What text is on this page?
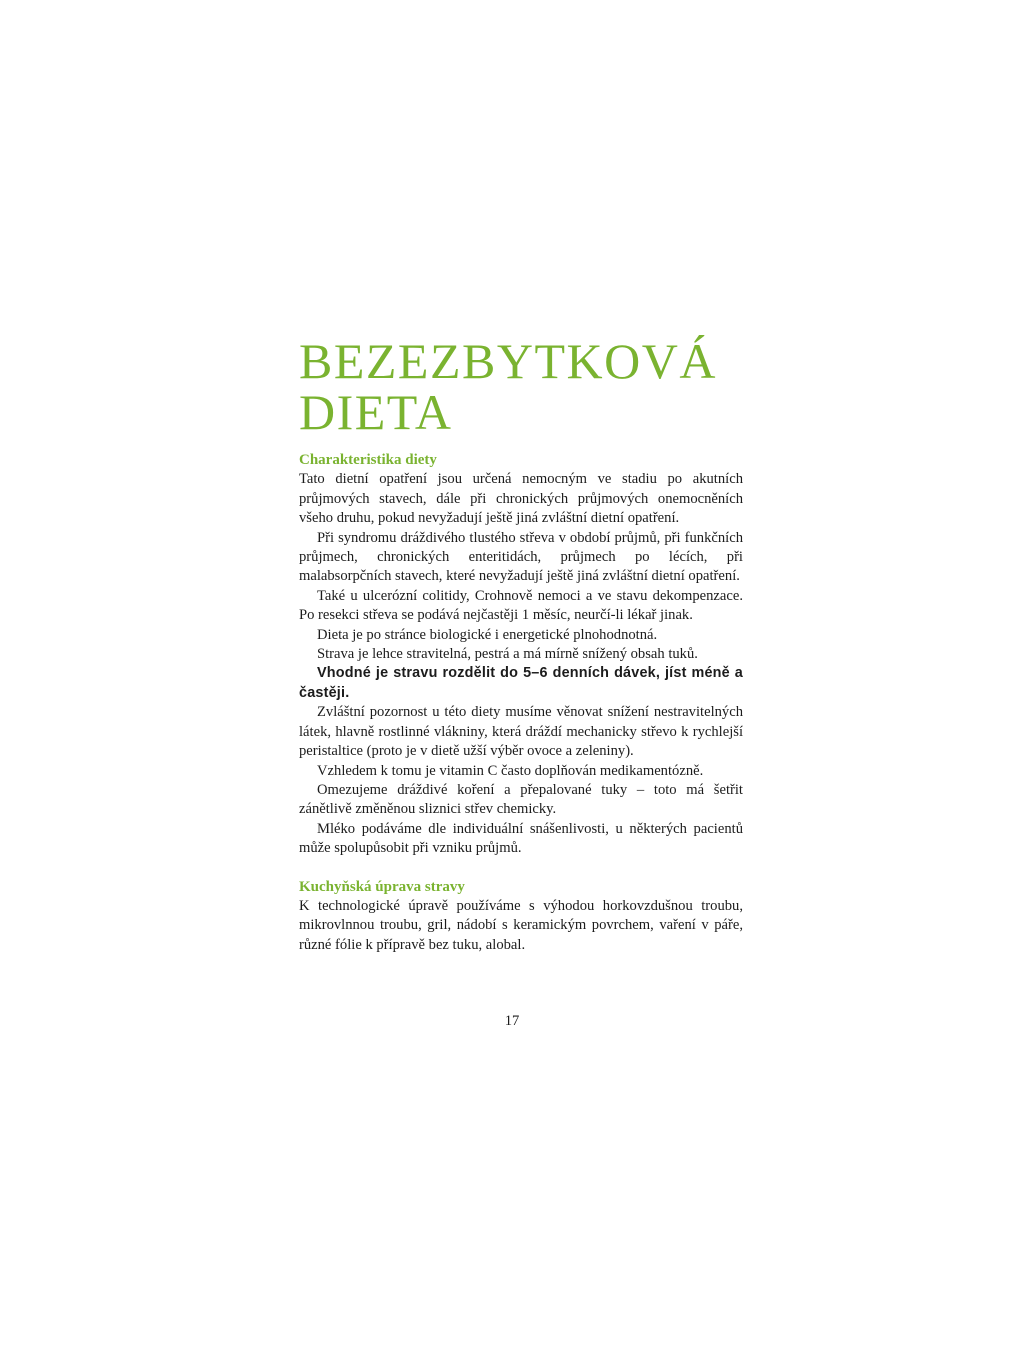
BEZEZBYTKOVÁ
DIETA
Charakteristika diety

Tato dietní opatření jsou určená nemocným ve stadiu po akutních průjmových stavech, dále při chronických průjmových onemocněních všeho druhu, pokud nevyžadují ještě jiná zvláštní dietní opatření.

Při syndromu dráždivého tlustého střeva v období průjmů, při funkčních průjmech, chronických enteritidách, průjmech po lécích, při malabsorpčních stavech, které nevyžadují ještě jiná zvláštní dietní opatření.

Také u ulcerózní colitidy, Crohnově nemoci a ve stavu dekompenzace. Po resekci střeva se podává nejčastěji 1 měsíc, neurčí-li lékař jinak.

Dieta je po stránce biologické i energetické plnohodnotná.

Strava je lehce stravitelná, pestrá a má mírně snížený obsah tuků.

Vhodné je stravu rozdělit do 5–6 denních dávek, jíst méně a častěji.

Zvláštní pozornost u této diety musíme věnovat snížení nestravitelných látek, hlavně rostlinné vlákniny, která dráždí mechanicky střevo k rychlejší peristaltice (proto je v dietě užší výběr ovoce a zeleniny).

Vzhledem k tomu je vitamin C často doplňován medikamentózně.

Omezujeme dráždivé koření a přepalované tuky – toto má šetřit zánětlivě změněnou sliznici střev chemicky.

Mléko podáváme dle individuální snášenlivosti, u některých pacientů může spolupůsobit při vzniku průjmů.

Kuchyňská úprava stravy

K technologické úpravě používáme s výhodou horkovzdušnou troubu, mikrovlnnou troubu, gril, nádobí s keramickým povrchem, vaření v páře, různé fólie k přípravě bez tuku, alobal.

17
